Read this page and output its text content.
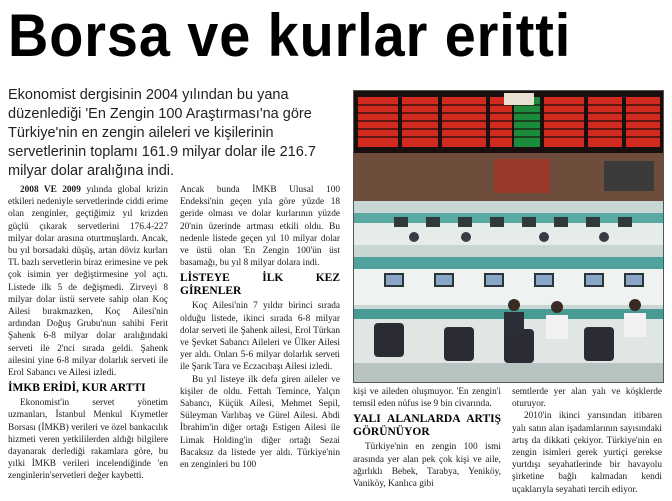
Borsa ve kurlar eritti
Ekonomist dergisinin 2004 yılından bu yana düzenlediği 'En Zengin 100 Araştırması'na göre Türkiye'nin en zengin aileleri ve kişilerinin servetlerinin toplamı 161.9 milyar dolar ile 216.7 milyar dolar aralığına indi.

2008 VE 2009 yılında global krizin etkileri nedeniyle servetlerinde ciddi erime olan zenginler, geçtiğimiz yıl krizden güçlü çıkarak servetlerini 176.4-227 milyar dolar arasına oturtmuşlardı. Ancak, bu yıl borsadaki düşüş, artan döviz kurları TL bazlı servetlerin biraz erimesine ve pek çok isimin yer değiştirmesine yol açtı. Listede ilk 5 de değişmedi. Zirveyi 8 milyar dolar üstü servete sahip olan Koç Ailesi bırakmazken, Koç Ailesi'nin ardından Doğuş Grubu'nun sahibi Ferit Şahenk 6-8 milyar dolar aralığındaki serveti ile 2'nci sırada geldi. Şahenk ailesini yine 6-8 milyar dolarlık serveti ile Erol Sabancı ve Ailesi izledi.

İMKB ERİDİ, KUR ARTTI

Ekonomist'in servet yönetim uzmanları, İstanbul Menkul Kıymetler Borsası (İMKB) verileri ve özel bankacılık hizmeti veren yetkililerden aldığı bilgilere dayanarak derlediği rakamlara göre, bu yılki İMKB verileri incelendiğinde 'en zenginlerin'servetleri değer kaybetti.

Ancak bunda İMKB Ulusal 100 Endeksi'nin geçen yıla göre yüzde 18 geride olması ve dolar kurlarının yüzde 20'nin üzerinde artması etkili oldu. Bu nedenle listede geçen yıl 10 milyar dolar ve üstü olan 'En Zengin 100'ün üst basamağı, bu yıl 8 milyar dolara indi.

LİSTEYE İLK KEZ GİRENLER

Koç Ailesi'nin 7 yıldır birinci sırada olduğu listede, ikinci sırada 6-8 milyar dolar serveti ile Şahenk ailesi, Erol Türkan ve Şevket Sabancı Aileleri ve Ülker Ailesi yer aldı. Onları 5-6 milyar dolarlık serveti ile Şarık Tara ve Eczacıbaşı Ailesi izledi.

Bu yıl listeye ilk defa giren aileler ve kişiler de oldu. Fettah Temince, Yalçın Sabancı, Küçük Ailesi, Mehmet Sepil, Süleyman Varlıbaş ve Gürel Ailesi. Abdi İbrahim'in diğer ortağı Estigen Ailesi ile Limak Holding'in diğer ortağı Sezai Bacaksız da listede yer aldı. Türkiye'nin en zenginleri bu 100

kişi ve aileden oluşmuyor. 'En zengin'i temsil eden nüfus ise 9 bin civarında.

YALI ALANLARDA ARTIŞ GÖRÜNÜYOR

Türkiye'nin en zengin 100 ismi arasında yer alan pek çok kişi ve aile, ağırlıklı Bebek, Tarabya, Yeniköy, Vaniköy, Kanlıca gibi

semtlerde yer alan yalı ve köşklerde oturuyor.

2010'in ikinci yarısından itibaren yalı satın alan işadamlarının sayısındaki artış da dikkati çekiyor. Türkiye'nin en zengin isimleri gerek yurtiçi gerekse yurtdışı seyahatlerinde bir havayolu şirketine bağlı kalmadan kendi uçaklarıyla seyahati tercih ediyor.
